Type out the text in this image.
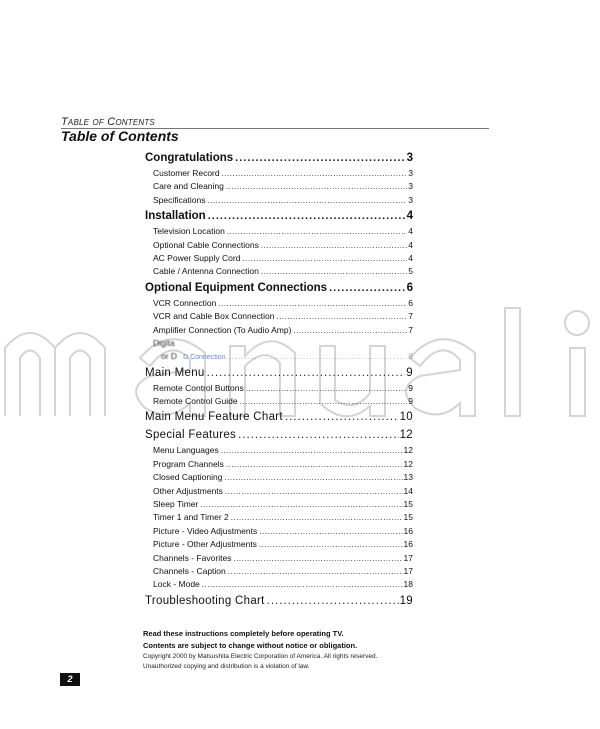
Table of Contents
Table of Contents
Congratulations .....	3
Customer Record .....	3
Care and Cleaning .....	3
Specifications .....	3
Installation .....	4
Television Location .....	4
Optional Cable Connections .....	4
AC Power Supply Cord .....	4
Cable / Antenna Connection .....	5
Optional Equipment Connections .....	6
VCR Connection .....	6
VCR and Cable Box Connection .....	7
Amplifier Connection (To Audio Amp) .....	7
Digita
or D D Connection .....	8
Main Menu .....	9
Remote Control Buttons .....	9
Remote Control Guide .....	9
Main Menu Feature Chart .....	10
Special Features .....	12
Menu Languages .....	12
Program Channels .....	12
Closed Captioning .....	13
Other Adjustments .....	14
Sleep Timer .....	15
Timer 1 and Timer 2 .....	15
Picture - Video Adjustments .....	16
Picture - Other Adjustments .....	16
Channels - Favorites .....	17
Channels - Caption .....	17
Lock - Mode .....	18
Troubleshooting Chart .....	19
Read these instructions completely before operating TV.
Contents are subject to change without notice or obligation.
Copyright 2000 by Matsushita Electric Corporation of America. All rights reserved.
Unauthorized copying and distribution is a violation of law.
2
